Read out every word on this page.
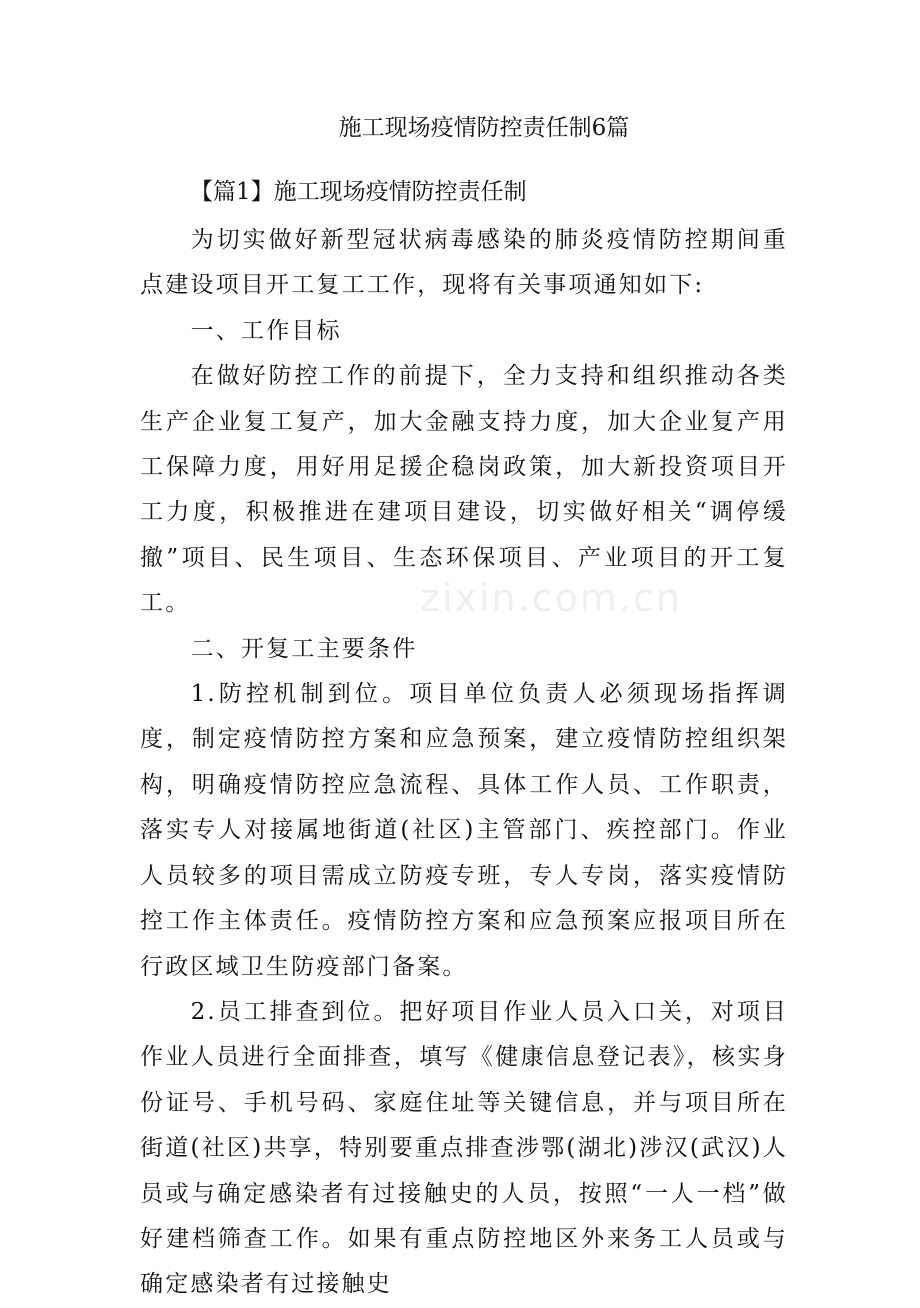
施工现场疫情防控责任制6篇
【篇1】施工现场疫情防控责任制

为切实做好新型冠状病毒感染的肺炎疫情防控期间重点建设项目开工复工工作，现将有关事项通知如下:

一、工作目标

在做好防控工作的前提下，全力支持和组织推动各类生产企业复工复产，加大金融支持力度，加大企业复产用工保障力度，用好用足援企稳岗政策，加大新投资项目开工力度，积极推进在建项目建设，切实做好相关“调停缓撤”项目、民生项目、生态环保项目、产业项目的开工复工。

二、开复工主要条件

1.防控机制到位。项目单位负责人必须现场指挥调度，制定疫情防控方案和应急预案，建立疫情防控组织架构，明确疫情防控应急流程、具体工作人员、工作职责，落实专人对接属地街道(社区)主管部门、疾控部门。作业人员较多的项目需成立防疫专班，专人专岗，落实疫情防控工作主体责任。疫情防控方案和应急预案应报项目所在行政区域卫生防疫部门备案。

2.员工排查到位。把好项目作业人员入口关，对项目作业人员进行全面排查，填写《健康信息登记表》，核实身份证号、手机号码、家庭住址等关键信息，并与项目所在街道(社区)共享，特别要重点排查涉鄂(湖北)涉汉(武汉)人员或与确定感染者有过接触史的人员，按照“一人一档”做好建档筛查工作。如果有重点防控地区外来务工人员或与确定感染者有过接触史

zixin.com.cn
